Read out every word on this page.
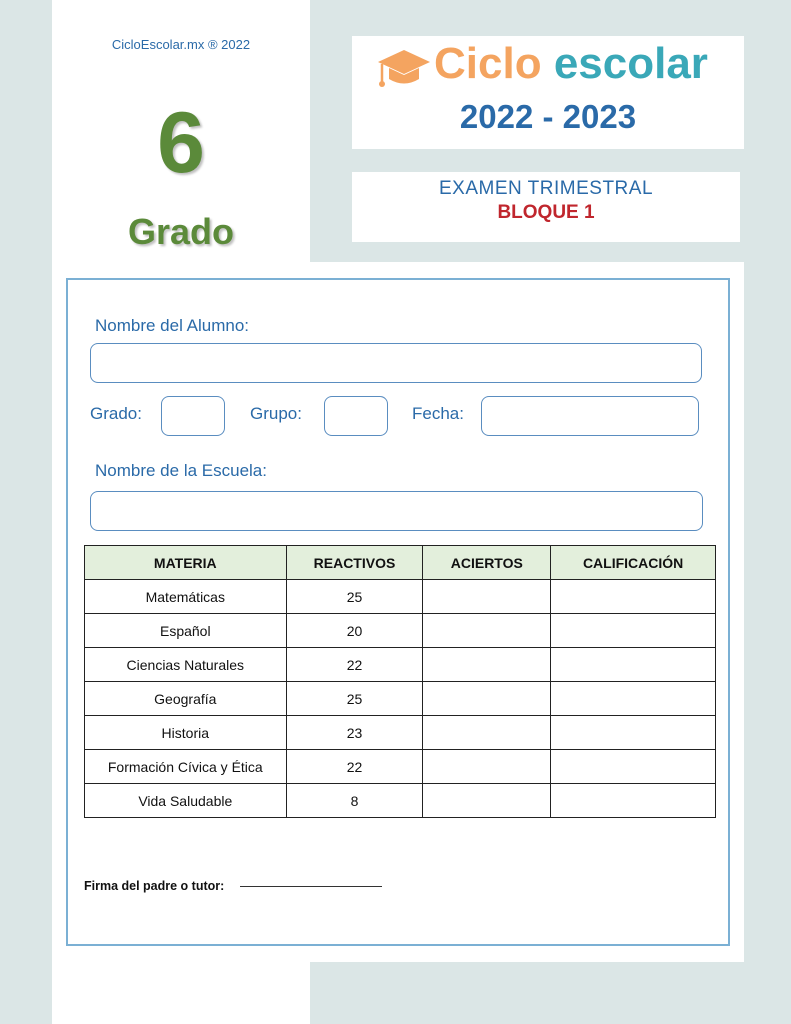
CicloEscolar.mx ® 2022
6
Grado
Ciclo escolar
2022 - 2023
EXAMEN TRIMESTRAL
BLOQUE 1
Nombre del Alumno:
Grado:	Grupo:	Fecha:
Nombre de la Escuela:
MATERIA	REACTIVOS	ACIERTOS	CALIFICACIÓN
Matemáticas	25		
Español	20		
Ciencias Naturales	22		
Geografía	25		
Historia	23		
Formación Cívica y Ética	22		
Vida Saludable	8		
Firma del padre o tutor:
